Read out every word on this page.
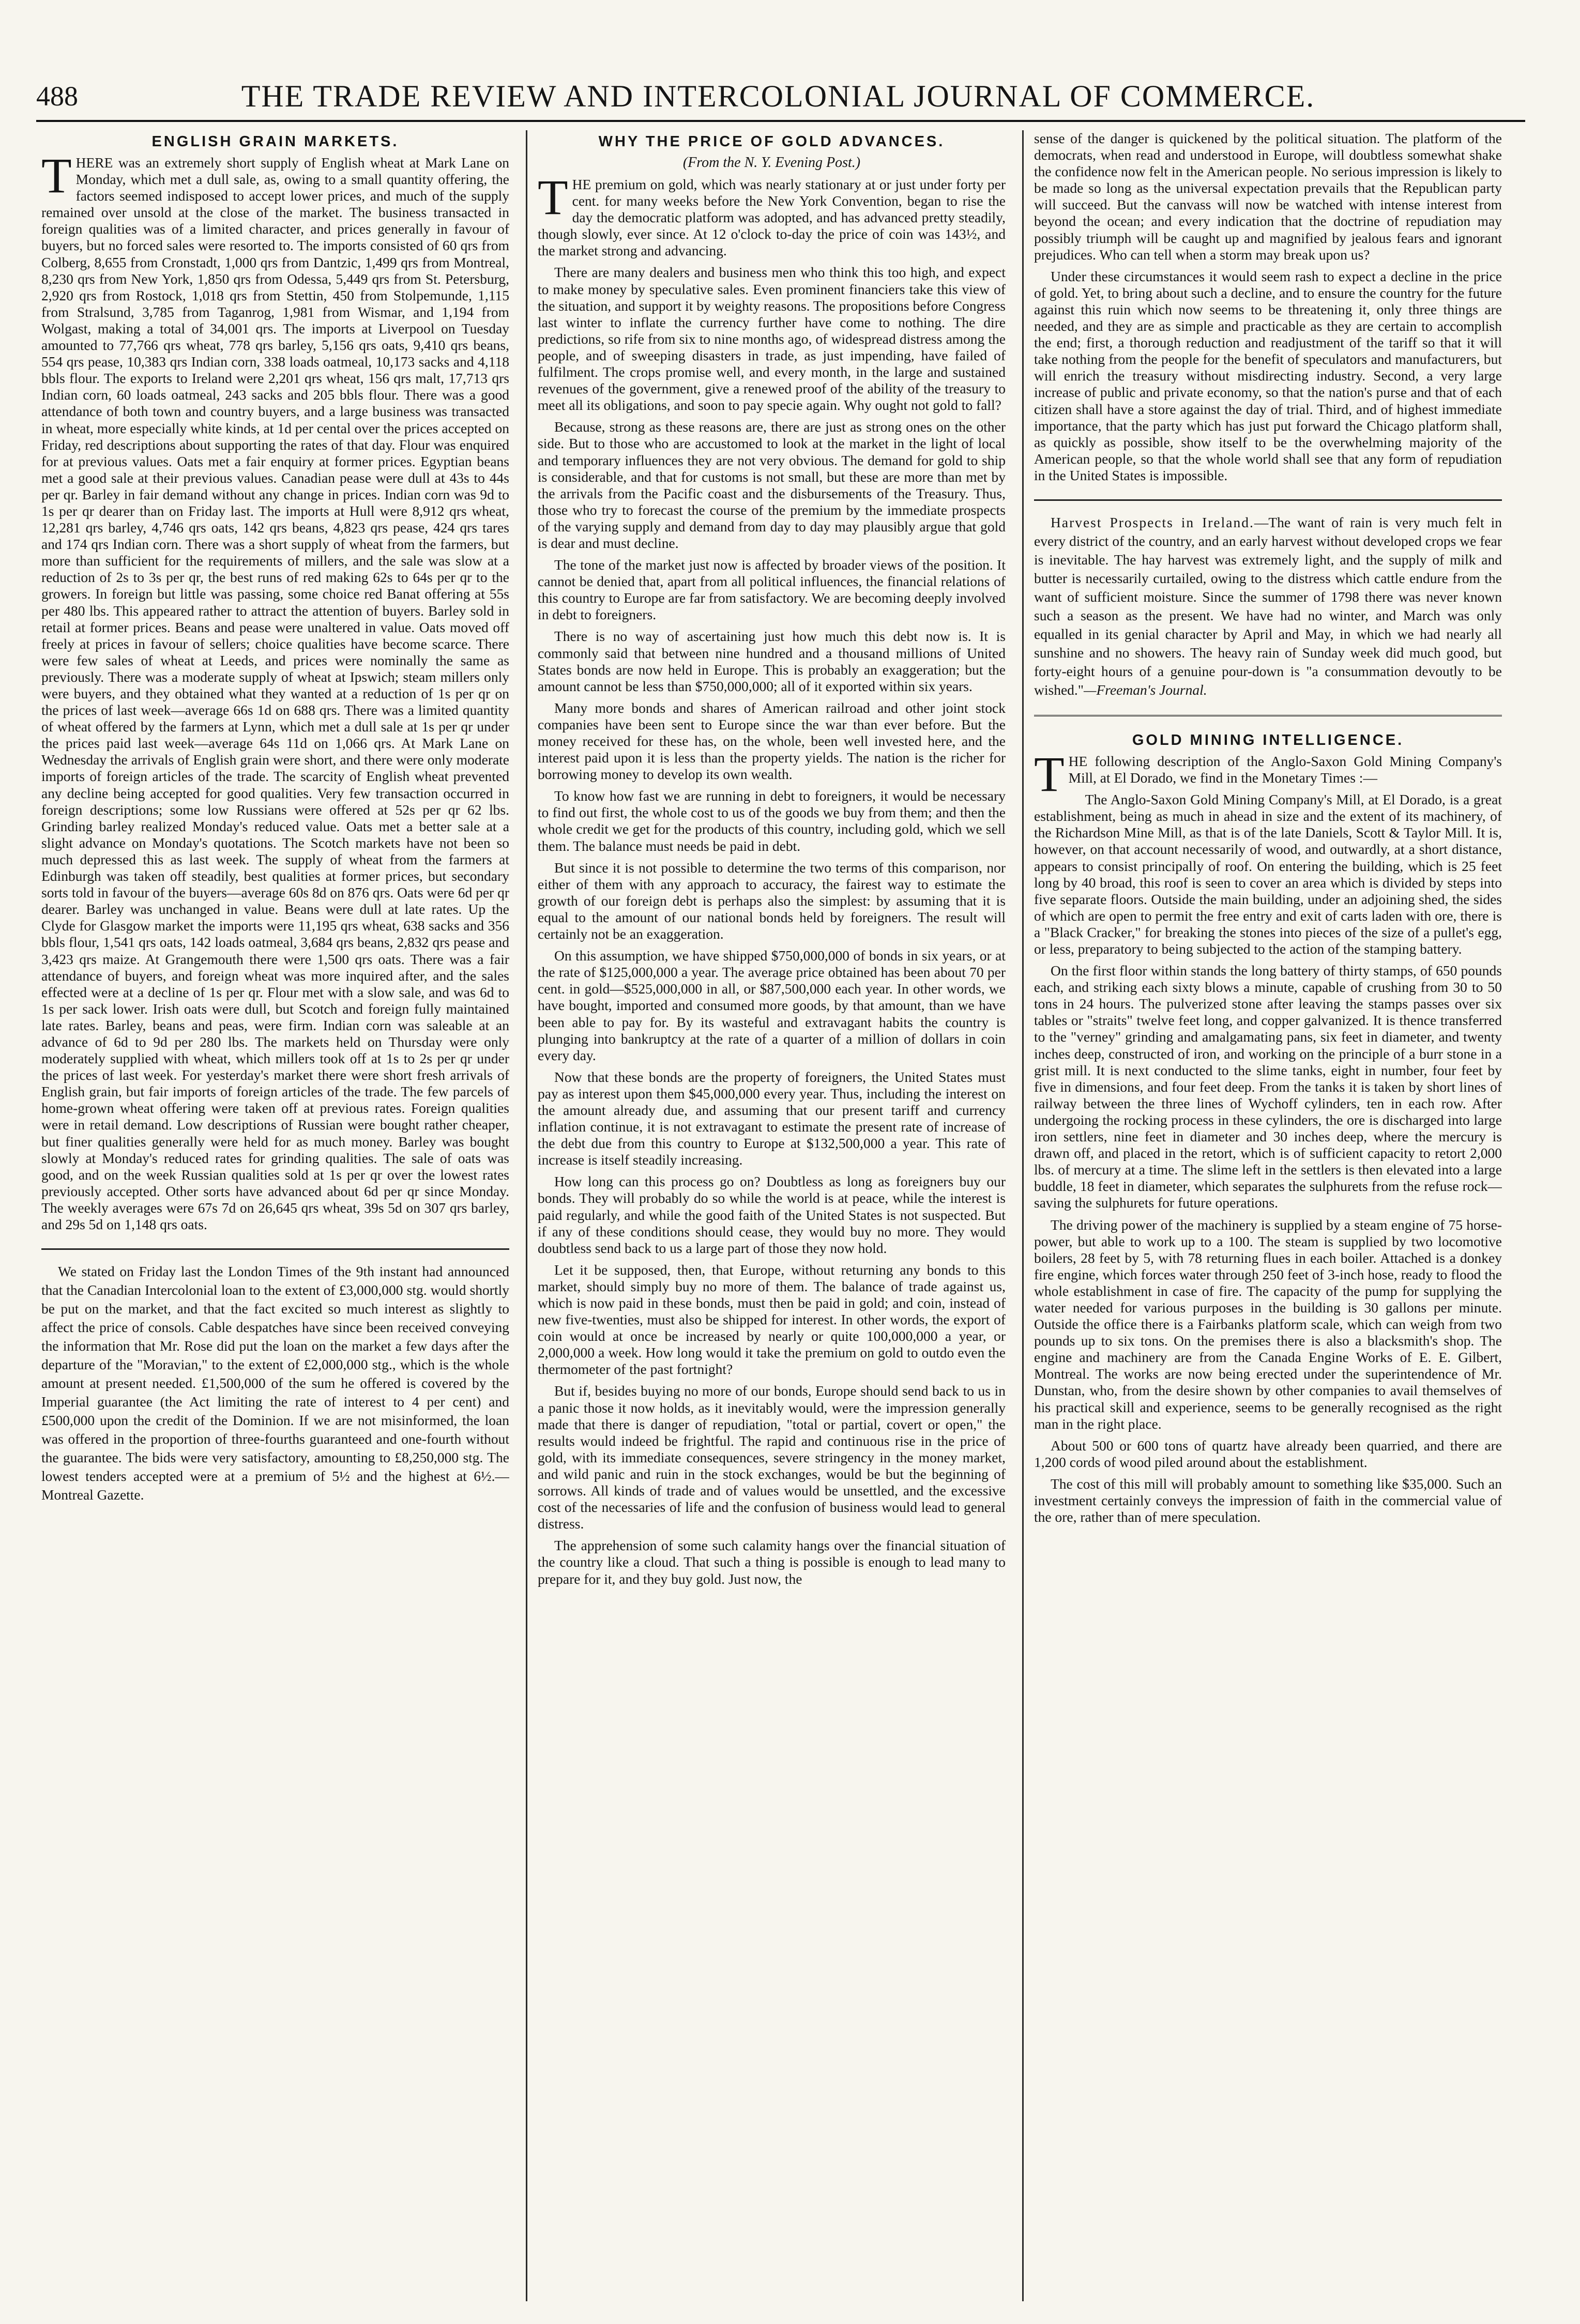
488	THE TRADE REVIEW AND INTERCOLONIAL JOURNAL OF COMMERCE.
ENGLISH GRAIN MARKETS.

THERE was an extremely short supply of English wheat at Mark Lane on Monday, which met a dull sale, as, owing to a small quantity offering, the factors seemed indisposed to accept lower prices, and much of the supply remained over unsold at the close of the market. The business transacted in foreign qualities was of a limited character, and prices generally in favour of buyers, but no forced sales were resorted to. The imports consisted of 60 qrs from Colberg, 8,655 from Cronstadt, 1,000 qrs from Dantzic, 1,499 qrs from Montreal, 8,230 qrs from New York, 1,850 qrs from Odessa, 5,449 qrs from St. Petersburg, 2,920 qrs from Rostock, 1,018 qrs from Stettin, 450 from Stolpemunde, 1,115 from Stralsund, 3,785 from Taganrog, 1,981 from Wismar, and 1,194 from Wolgast, making a total of 34,001 qrs. The imports at Liverpool on Tuesday amounted to 77,766 qrs wheat, 778 qrs barley, 5,156 qrs oats, 9,410 qrs beans, 554 qrs pease, 10,383 qrs Indian corn, 338 loads oatmeal, 10,173 sacks and 4,118 bbls flour. The exports to Ireland were 2,201 qrs wheat, 156 qrs malt, 17,713 qrs Indian corn, 60 loads oatmeal, 243 sacks and 205 bbls flour. There was a good attendance of both town and country buyers, and a large business was transacted in wheat, more especially white kinds, at 1d per cental over the prices accepted on Friday, red descriptions about supporting the rates of that day. Flour was enquired for at previous values. Oats met a fair enquiry at former prices. Egyptian beans met a good sale at their previous values. Canadian pease were dull at 43s to 44s per qr. Barley in fair demand without any change in prices. Indian corn was 9d to 1s per qr dearer than on Friday last. The imports at Hull were 8,912 qrs wheat, 12,281 qrs barley, 4,746 qrs oats, 142 qrs beans, 4,823 qrs pease, 424 qrs tares and 174 qrs Indian corn. There was a short supply of wheat from the farmers, but more than sufficient for the requirements of millers, and the sale was slow at a reduction of 2s to 3s per qr, the best runs of red making 62s to 64s per qr to the growers. In foreign but little was passing, some choice red Banat offering at 55s per 480 lbs. This appeared rather to attract the attention of buyers. Barley sold in retail at former prices. Beans and pease were unaltered in value. Oats moved off freely at prices in favour of sellers; choice qualities have become scarce. There were few sales of wheat at Leeds, and prices were nominally the same as previously. There was a moderate supply of wheat at Ipswich; steam millers only were buyers, and they obtained what they wanted at a reduction of 1s per qr on the prices of last week—average 66s 1d on 688 qrs. There was a limited quantity of wheat offered by the farmers at Lynn, which met a dull sale at 1s per qr under the prices paid last week—average 64s 11d on 1,066 qrs. At Mark Lane on Wednesday the arrivals of English grain were short, and there were only moderate imports of foreign articles of the trade. The scarcity of English wheat prevented any decline being accepted for good qualities. Very few transaction occurred in foreign descriptions; some low Russians were offered at 52s per qr 62 lbs. Grinding barley realized Monday's reduced value. Oats met a better sale at a slight advance on Monday's quotations. The Scotch markets have not been so much depressed this as last week. The supply of wheat from the farmers at Edinburgh was taken off steadily, best qualities at former prices, but secondary sorts told in favour of the buyers—average 60s 8d on 876 qrs. Oats were 6d per qr dearer. Barley was unchanged in value. Beans were dull at late rates. Up the Clyde for Glasgow market the imports were 11,195 qrs wheat, 638 sacks and 356 bbls flour, 1,541 qrs oats, 142 loads oatmeal, 3,684 qrs beans, 2,832 qrs pease and 3,423 qrs maize. At Grangemouth there were 1,500 qrs oats. There was a fair attendance of buyers, and foreign wheat was more inquired after, and the sales effected were at a decline of 1s per qr. Flour met with a slow sale, and was 6d to 1s per sack lower. Irish oats were dull, but Scotch and foreign fully maintained late rates. Barley, beans and peas, were firm. Indian corn was saleable at an advance of 6d to 9d per 280 lbs. The markets held on Thursday were only moderately supplied with wheat, which millers took off at 1s to 2s per qr under the prices of last week. For yesterday's market there were short fresh arrivals of English grain, but fair imports of foreign articles of the trade. The few parcels of home-grown wheat offering were taken off at previous rates. Foreign qualities were in retail demand. Low descriptions of Russian were bought rather cheaper, but finer qualities generally were held for as much money. Barley was bought slowly at Monday's reduced rates for grinding qualities. The sale of oats was good, and on the week Russian qualities sold at 1s per qr over the lowest rates previously accepted. Other sorts have advanced about 6d per qr since Monday. The weekly averages were 67s 7d on 26,645 qrs wheat, 39s 5d on 307 qrs barley, and 29s 5d on 1,148 qrs oats.

We stated on Friday last the London Times of the 9th instant had announced that the Canadian Intercolonial loan to the extent of £3,000,000 stg. would shortly be put on the market, and that the fact excited so much interest as slightly to affect the price of consols. Cable despatches have since been received conveying the information that Mr. Rose did put the loan on the market a few days after the departure of the "Moravian," to the extent of £2,000,000 stg., which is the whole amount at present needed. £1,500,000 of the sum he offered is covered by the Imperial guarantee (the Act limiting the rate of interest to 4 per cent) and £500,000 upon the credit of the Dominion. If we are not misinformed, the loan was offered in the proportion of three-fourths guaranteed and one-fourth without the guarantee. The bids were very satisfactory, amounting to £8,250,000 stg. The lowest tenders accepted were at a premium of 5½ and the highest at 6½.—Montreal Gazette.

WHY THE PRICE OF GOLD ADVANCES.
(From the N. Y. Evening Post.)

THE premium on gold, which was nearly stationary at or just under forty per cent. for many weeks before the New York Convention, began to rise the day the democratic platform was adopted, and has advanced pretty steadily, though slowly, ever since. At 12 o'clock to-day the price of coin was 143½, and the market strong and advancing.

There are many dealers and business men who think this too high, and expect to make money by speculative sales. Even prominent financiers take this view of the situation, and support it by weighty reasons. The propositions before Congress last winter to inflate the currency further have come to nothing. The dire predictions, so rife from six to nine months ago, of widespread distress among the people, and of sweeping disasters in trade, as just impending, have failed of fulfilment. The crops promise well, and every month, in the large and sustained revenues of the government, give a renewed proof of the ability of the treasury to meet all its obligations, and soon to pay specie again. Why ought not gold to fall?

Because, strong as these reasons are, there are just as strong ones on the other side. But to those who are accustomed to look at the market in the light of local and temporary influences they are not very obvious. The demand for gold to ship is considerable, and that for customs is not small, but these are more than met by the arrivals from the Pacific coast and the disbursements of the Treasury. Thus, those who try to forecast the course of the premium by the immediate prospects of the varying supply and demand from day to day may plausibly argue that gold is dear and must decline.

The tone of the market just now is affected by broader views of the position. It cannot be denied that, apart from all political influences, the financial relations of this country to Europe are far from satisfactory. We are becoming deeply involved in debt to foreigners.

There is no way of ascertaining just how much this debt now is. It is commonly said that between nine hundred and a thousand millions of United States bonds are now held in Europe. This is probably an exaggeration; but the amount cannot be less than $750,000,000; all of it exported within six years.

Many more bonds and shares of American railroad and other joint stock companies have been sent to Europe since the war than ever before. But the money received for these has, on the whole, been well invested here, and the interest paid upon it is less than the property yields. The nation is the richer for borrowing money to develop its own wealth.

To know how fast we are running in debt to foreigners, it would be necessary to find out first, the whole cost to us of the goods we buy from them; and then the whole credit we get for the products of this country, including gold, which we sell them. The balance must needs be paid in debt.

But since it is not possible to determine the two terms of this comparison, nor either of them with any approach to accuracy, the fairest way to estimate the growth of our foreign debt is perhaps also the simplest: by assuming that it is equal to the amount of our national bonds held by foreigners. The result will certainly not be an exaggeration.

On this assumption, we have shipped $750,000,000 of bonds in six years, or at the rate of $125,000,000 a year. The average price obtained has been about 70 per cent. in gold—$525,000,000 in all, or $87,500,000 each year. In other words, we have bought, imported and consumed more goods, by that amount, than we have been able to pay for. By its wasteful and extravagant habits the country is plunging into bankruptcy at the rate of a quarter of a million of dollars in coin every day.

Now that these bonds are the property of foreigners, the United States must pay as interest upon them $45,000,000 every year. Thus, including the interest on the amount already due, and assuming that our present tariff and currency inflation continue, it is not extravagant to estimate the present rate of increase of the debt due from this country to Europe at $132,500,000 a year. This rate of increase is itself steadily increasing.

How long can this process go on? Doubtless as long as foreigners buy our bonds. They will probably do so while the world is at peace, while the interest is paid regularly, and while the good faith of the United States is not suspected. But if any of these conditions should cease, they would buy no more. They would doubtless send back to us a large part of those they now hold.

Let it be supposed, then, that Europe, without returning any bonds to this market, should simply buy no more of them. The balance of trade against us, which is now paid in these bonds, must then be paid in gold; and coin, instead of new five-twenties, must also be shipped for interest. In other words, the export of coin would at once be increased by nearly or quite 100,000,000 a year, or 2,000,000 a week. How long would it take the premium on gold to outdo even the thermometer of the past fortnight?

But if, besides buying no more of our bonds, Europe should send back to us in a panic those it now holds, as it inevitably would, were the impression generally made that there is danger of repudiation, "total or partial, covert or open," the results would indeed be frightful. The rapid and continuous rise in the price of gold, with its immediate consequences, severe stringency in the money market, and wild panic and ruin in the stock exchanges, would be but the beginning of sorrows. All kinds of trade and of values would be unsettled, and the excessive cost of the necessaries of life and the confusion of business would lead to general distress.

The apprehension of some such calamity hangs over the financial situation of the country like a cloud. That such a thing is possible is enough to lead many to prepare for it, and they buy gold. Just now, the

sense of the danger is quickened by the political situation. The platform of the democrats, when read and understood in Europe, will doubtless somewhat shake the confidence now felt in the American people. No serious impression is likely to be made so long as the universal expectation prevails that the Republican party will succeed. But the canvass will now be watched with intense interest from beyond the ocean; and every indication that the doctrine of repudiation may possibly triumph will be caught up and magnified by jealous fears and ignorant prejudices. Who can tell when a storm may break upon us?

Under these circumstances it would seem rash to expect a decline in the price of gold. Yet, to bring about such a decline, and to ensure the country for the future against this ruin which now seems to be threatening it, only three things are needed, and they are as simple and practicable as they are certain to accomplish the end; first, a thorough reduction and readjustment of the tariff so that it will take nothing from the people for the benefit of speculators and manufacturers, but will enrich the treasury without misdirecting industry. Second, a very large increase of public and private economy, so that the nation's purse and that of each citizen shall have a store against the day of trial. Third, and of highest immediate importance, that the party which has just put forward the Chicago platform shall, as quickly as possible, show itself to be the overwhelming majority of the American people, so that the whole world shall see that any form of repudiation in the United States is impossible.

Harvest Prospects in Ireland.—The want of rain is very much felt in every district of the country, and an early harvest without developed crops we fear is inevitable. The hay harvest was extremely light, and the supply of milk and butter is necessarily curtailed, owing to the distress which cattle endure from the want of sufficient moisture. Since the summer of 1798 there was never known such a season as the present. We have had no winter, and March was only equalled in its genial character by April and May, in which we had nearly all sunshine and no showers. The heavy rain of Sunday week did much good, but forty-eight hours of a genuine pour-down is "a consummation devoutly to be wished."—Freeman's Journal.

GOLD MINING INTELLIGENCE.

THE following description of the Anglo-Saxon Gold Mining Company's Mill, at El Dorado, we find in the Monetary Times :—

The Anglo-Saxon Gold Mining Company's Mill, at El Dorado, is a great establishment, being as much in ahead in size and the extent of its machinery, of the Richardson Mine Mill, as that is of the late Daniels, Scott & Taylor Mill. It is, however, on that account necessarily of wood, and outwardly, at a short distance, appears to consist principally of roof. On entering the building, which is 25 feet long by 40 broad, this roof is seen to cover an area which is divided by steps into five separate floors. Outside the main building, under an adjoining shed, the sides of which are open to permit the free entry and exit of carts laden with ore, there is a "Black Cracker," for breaking the stones into pieces of the size of a pullet's egg, or less, preparatory to being subjected to the action of the stamping battery.

On the first floor within stands the long battery of thirty stamps, of 650 pounds each, and striking each sixty blows a minute, capable of crushing from 30 to 50 tons in 24 hours. The pulverized stone after leaving the stamps passes over six tables or "straits" twelve feet long, and copper galvanized. It is thence transferred to the "verney" grinding and amalgamating pans, six feet in diameter, and twenty inches deep, constructed of iron, and working on the principle of a burr stone in a grist mill. It is next conducted to the slime tanks, eight in number, four feet by five in dimensions, and four feet deep. From the tanks it is taken by short lines of railway between the three lines of Wychoff cylinders, ten in each row. After undergoing the rocking process in these cylinders, the ore is discharged into large iron settlers, nine feet in diameter and 30 inches deep, where the mercury is drawn off, and placed in the retort, which is of sufficient capacity to retort 2,000 lbs. of mercury at a time. The slime left in the settlers is then elevated into a large buddle, 18 feet in diameter, which separates the sulphurets from the refuse rock—saving the sulphurets for future operations.

The driving power of the machinery is supplied by a steam engine of 75 horse-power, but able to work up to a 100. The steam is supplied by two locomotive boilers, 28 feet by 5, with 78 returning flues in each boiler. Attached is a donkey fire engine, which forces water through 250 feet of 3-inch hose, ready to flood the whole establishment in case of fire. The capacity of the pump for supplying the water needed for various purposes in the building is 30 gallons per minute. Outside the office there is a Fairbanks platform scale, which can weigh from two pounds up to six tons. On the premises there is also a blacksmith's shop. The engine and machinery are from the Canada Engine Works of E. E. Gilbert, Montreal. The works are now being erected under the superintendence of Mr. Dunstan, who, from the desire shown by other companies to avail themselves of his practical skill and experience, seems to be generally recognised as the right man in the right place.

About 500 or 600 tons of quartz have already been quarried, and there are 1,200 cords of wood piled around about the establishment.

The cost of this mill will probably amount to something like $35,000. Such an investment certainly conveys the impression of faith in the commercial value of the ore, rather than of mere speculation.
